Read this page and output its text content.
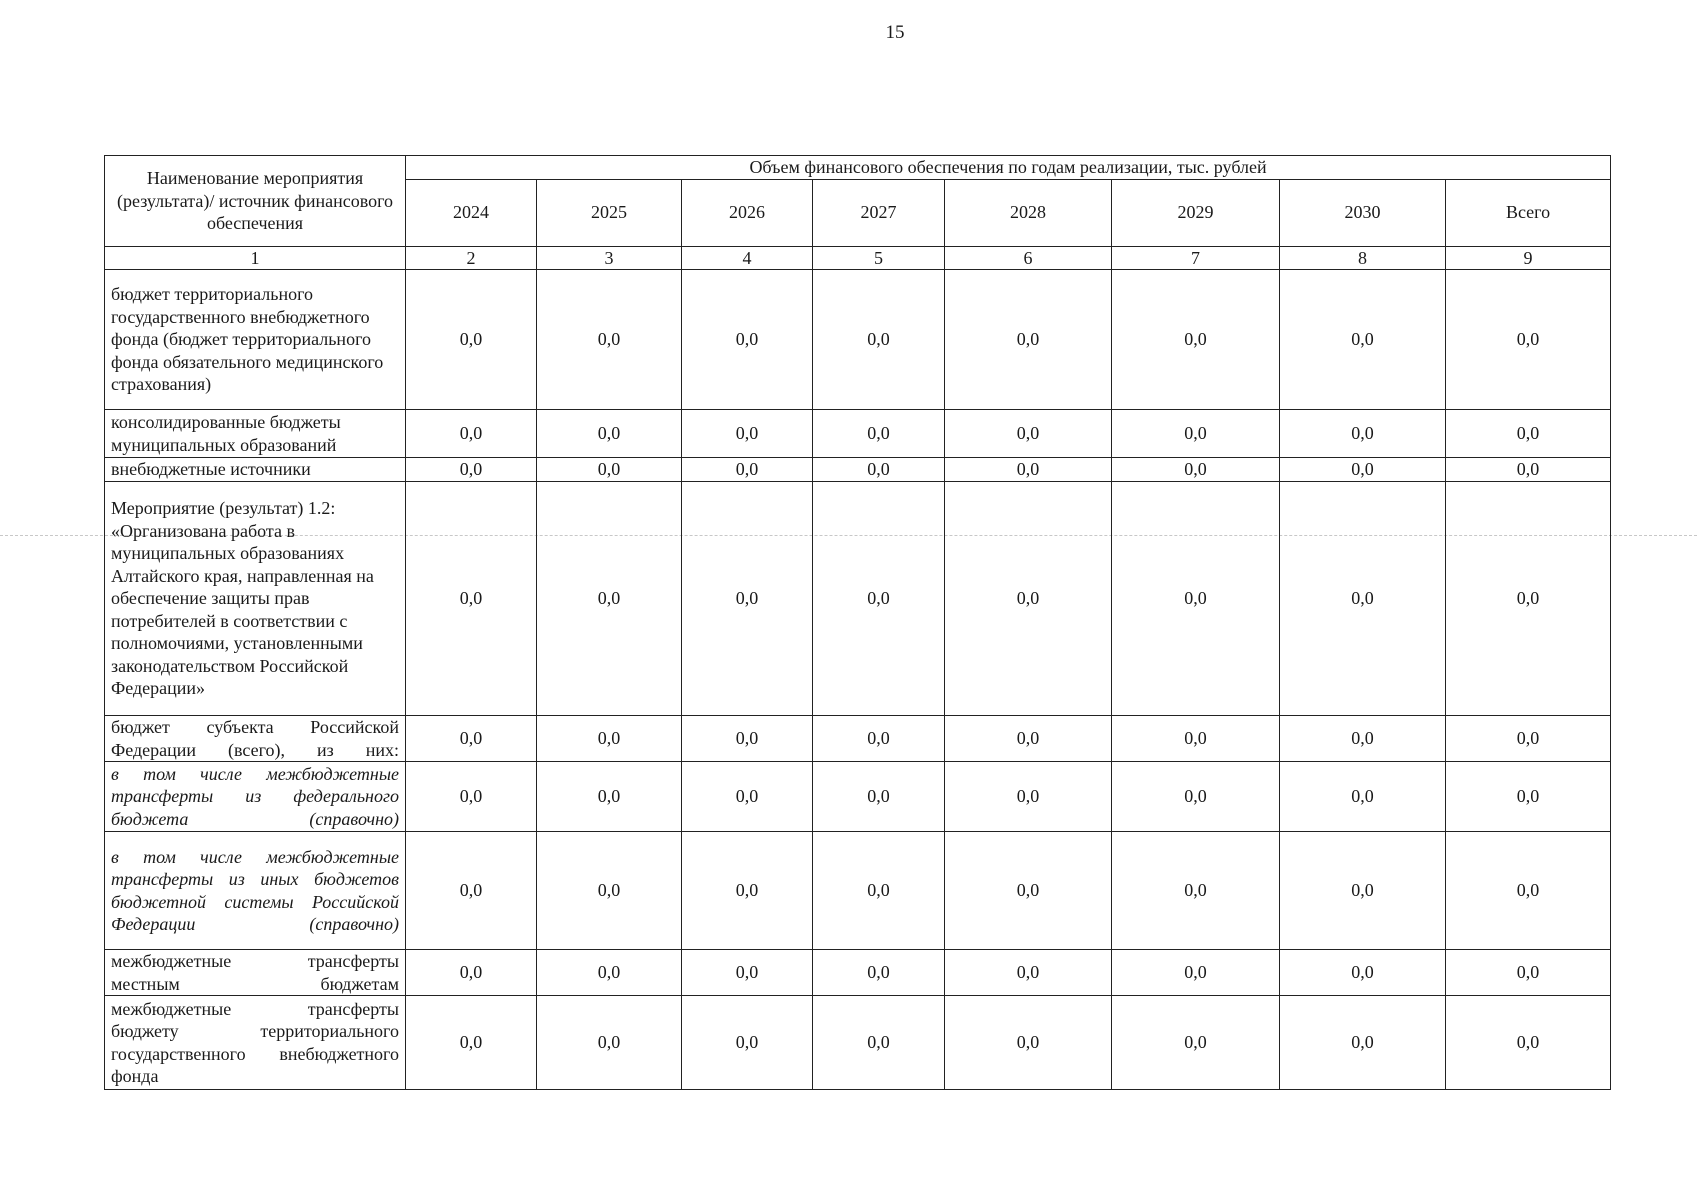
15
Наименование мероприятия (результата)/ источник финансового обеспечения	Объем финансового обеспечения по годам реализации, тыс. рублей							
	2024	2025	2026	2027	2028	2029	2030	Всего
1	2	3	4	5	6	7	8	9
бюджет территориального государственного внебюджетного фонда (бюджет территориального фонда обязательного медицинского страхования)	0,0	0,0	0,0	0,0	0,0	0,0	0,0	0,0
консолидированные бюджеты муниципальных образований	0,0	0,0	0,0	0,0	0,0	0,0	0,0	0,0
внебюджетные источники	0,0	0,0	0,0	0,0	0,0	0,0	0,0	0,0
Мероприятие (результат) 1.2: «Организована работа в муниципальных образованиях Алтайского края, направленная на обеспечение защиты прав потребителей в соответствии с полномочиями, установленными законодательством Российской Федерации»	0,0	0,0	0,0	0,0	0,0	0,0	0,0	0,0
бюджет субъекта Российской Федерации (всего), из них:	0,0	0,0	0,0	0,0	0,0	0,0	0,0	0,0
в том числе межбюджетные трансферты из федерального бюджета (справочно)	0,0	0,0	0,0	0,0	0,0	0,0	0,0	0,0
в том числе межбюджетные трансферты из иных бюджетов бюджетной системы Российской Федерации (справочно)	0,0	0,0	0,0	0,0	0,0	0,0	0,0	0,0
межбюджетные трансферты местным бюджетам	0,0	0,0	0,0	0,0	0,0	0,0	0,0	0,0
межбюджетные трансферты бюджету территориального государственного внебюджетного фонда	0,0	0,0	0,0	0,0	0,0	0,0	0,0	0,0
